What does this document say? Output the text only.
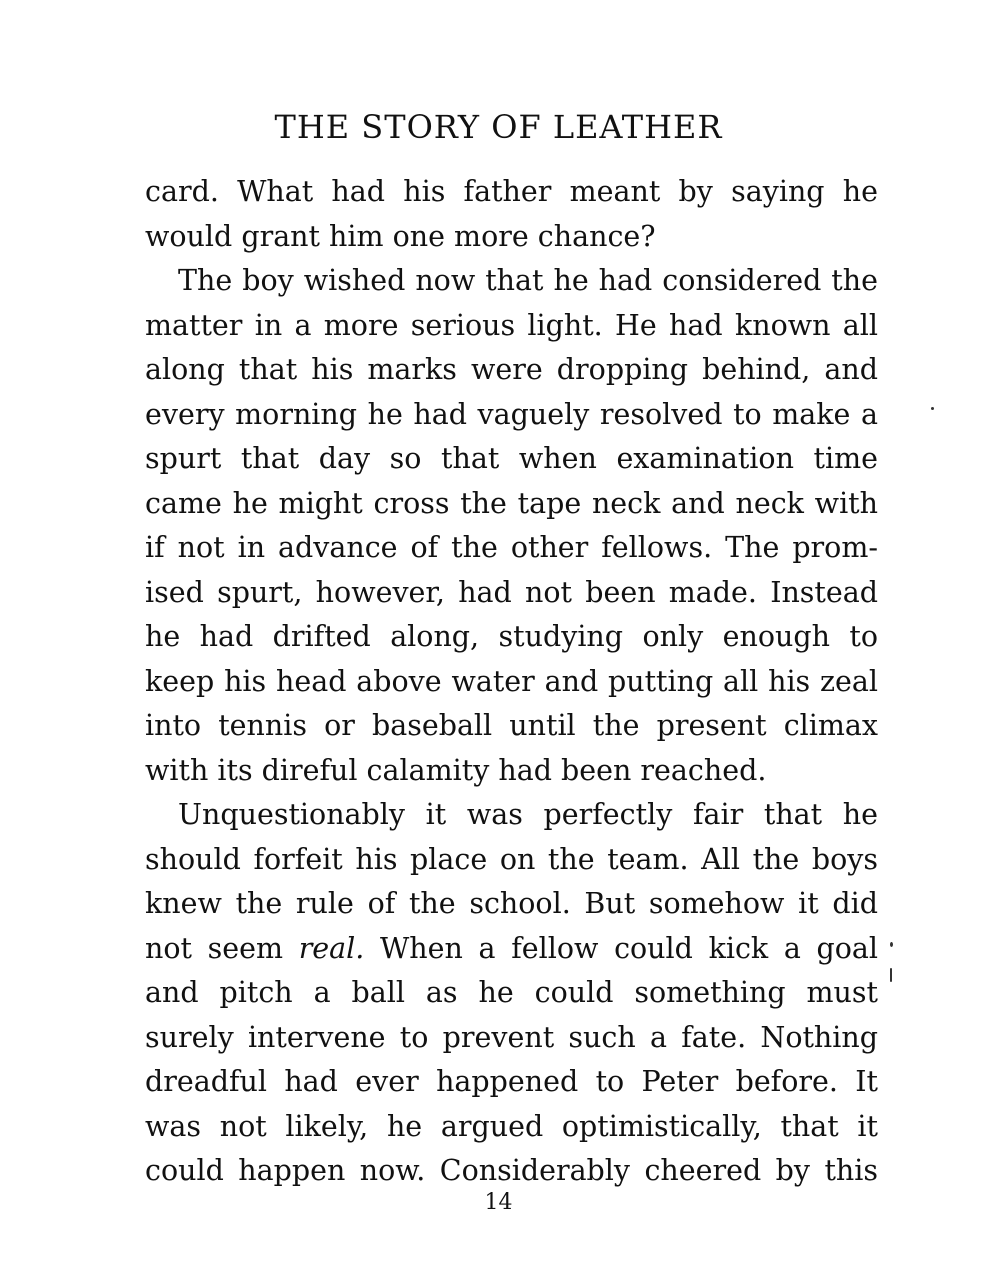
THE STORY OF LEATHER
card. What had his father meant by saying he
would grant him one more chance?
The boy wished now that he had considered the
matter in a more serious light. He had known all
along that his marks were dropping behind, and
every morning he had vaguely resolved to make a
spurt that day so that when examination time
came he might cross the tape neck and neck with
if not in advance of the other fellows. The prom-
ised spurt, however, had not been made. Instead
he had drifted along, studying only enough to
keep his head above water and putting all his zeal
into tennis or baseball until the present climax
with its direful calamity had been reached.
Unquestionably it was perfectly fair that he
should forfeit his place on the team. All the boys
knew the rule of the school. But somehow it did
not seem real. When a fellow could kick a goal
and pitch a ball as he could something must
surely intervene to prevent such a fate. Nothing
dreadful had ever happened to Peter before. It
was not likely, he argued optimistically, that it
could happen now. Considerably cheered by this
14
